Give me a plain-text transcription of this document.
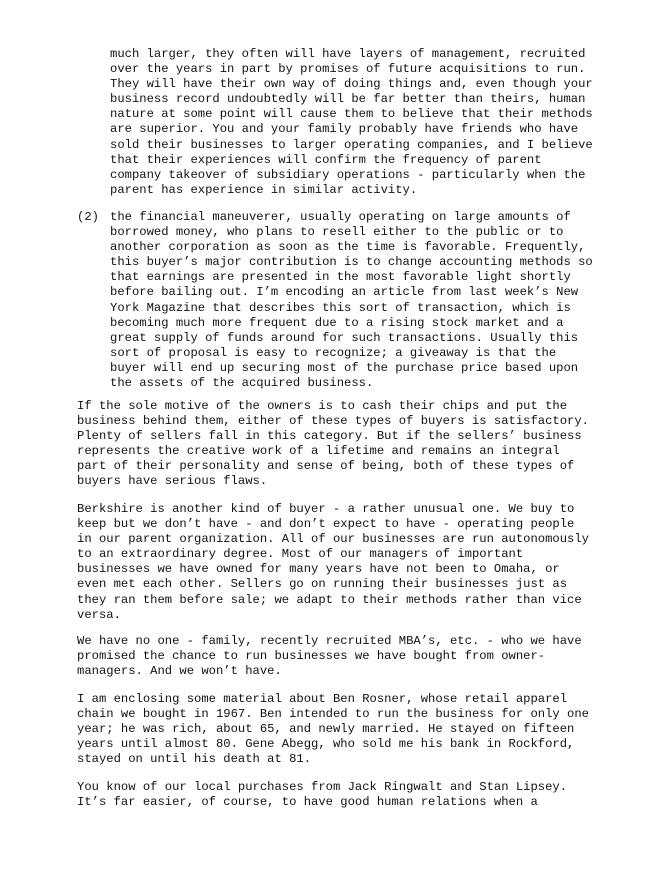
much larger, they often will have layers of management, recruited
over the years in part by promises of future acquisitions to run.
They will have their own way of doing things and, even though your
business record undoubtedly will be far better than theirs, human
nature at some point will cause them to believe that their methods
are superior. You and your family probably have friends who have
sold their businesses to larger operating companies, and I believe
that their experiences will confirm the frequency of parent
company takeover of subsidiary operations - particularly when the
parent has experience in similar activity.
(2) the financial maneuverer, usually operating on large amounts of
borrowed money, who plans to resell either to the public or to
another corporation as soon as the time is favorable. Frequently,
this buyer’s major contribution is to change accounting methods so
that earnings are presented in the most favorable light shortly
before bailing out. I’m encoding an article from last week’s New
York Magazine that describes this sort of transaction, which is
becoming much more frequent due to a rising stock market and a
great supply of funds around for such transactions. Usually this
sort of proposal is easy to recognize; a giveaway is that the
buyer will end up securing most of the purchase price based upon
the assets of the acquired business.
If the sole motive of the owners is to cash their chips and put the
business behind them, either of these types of buyers is satisfactory.
Plenty of sellers fall in this category. But if the sellers’ business
represents the creative work of a lifetime and remains an integral
part of their personality and sense of being, both of these types of
buyers have serious flaws.
Berkshire is another kind of buyer - a rather unusual one. We buy to
keep but we don’t have - and don’t expect to have - operating people
in our parent organization. All of our businesses are run autonomously
to an extraordinary degree. Most of our managers of important
businesses we have owned for many years have not been to Omaha, or
even met each other. Sellers go on running their businesses just as
they ran them before sale; we adapt to their methods rather than vice
versa.
We have no one - family, recently recruited MBA’s, etc. - who we have
promised the chance to run businesses we have bought from owner-
managers. And we won’t have.
I am enclosing some material about Ben Rosner, whose retail apparel
chain we bought in 1967. Ben intended to run the business for only one
year; he was rich, about 65, and newly married. He stayed on fifteen
years until almost 80. Gene Abegg, who sold me his bank in Rockford,
stayed on until his death at 81.
You know of our local purchases from Jack Ringwalt and Stan Lipsey.
It’s far easier, of course, to have good human relations when a
